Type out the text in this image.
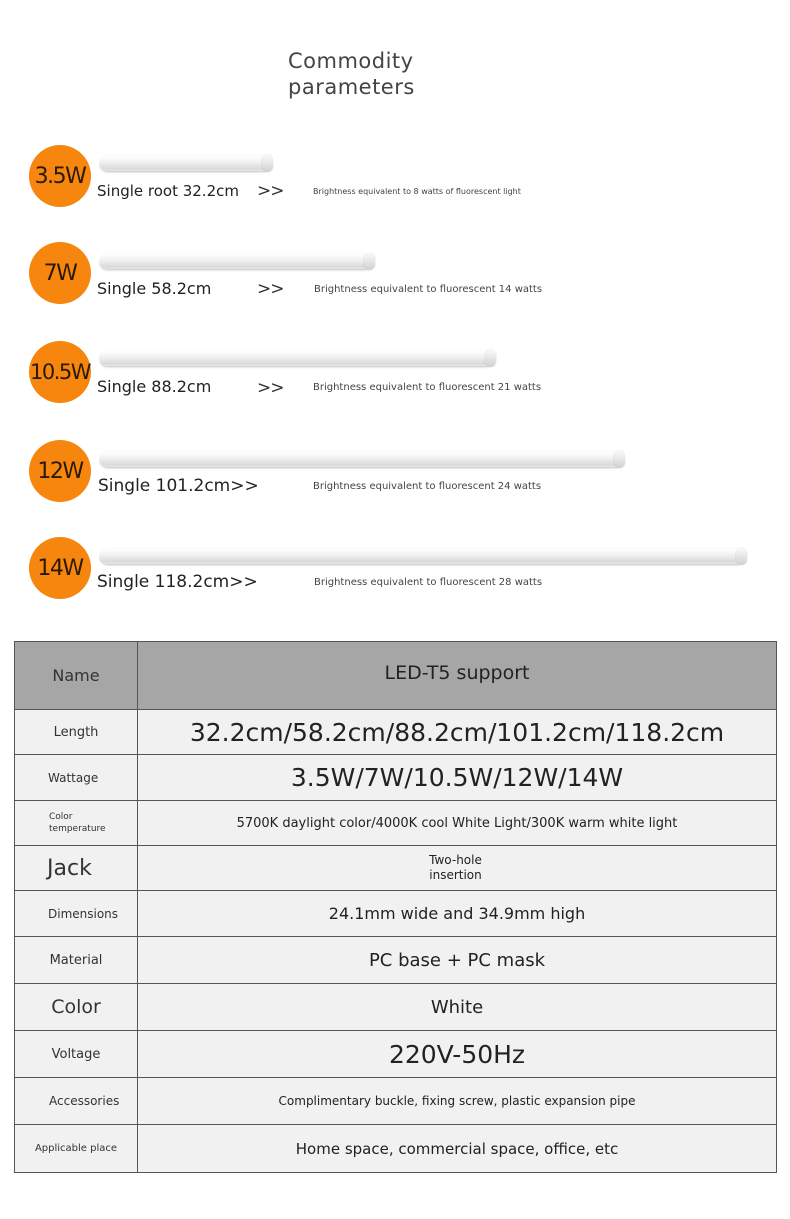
Commodity
parameters
3.5W
Single root 32.2cm >>	Brightness equivalent to 8 watts of fluorescent light
7W
Single 58.2cm	>>	Brightness equivalent to fluorescent 14 watts
10.5W
Single 88.2cm	>>	Brightness equivalent to fluorescent 21 watts
12W
Single 101.2cm>>	Brightness equivalent to fluorescent 24 watts
14W
Single 118.2cm>>	Brightness equivalent to fluorescent 28 watts
Name	LED-T5 support
Length	32.2cm/58.2cm/88.2cm/101.2cm/118.2cm
Wattage	3.5W/7W/10.5W/12W/14W
Color temperature	5700K daylight color/4000K cool White Light/300K warm white light
Jack	Two-hole insertion
Dimensions	24.1mm wide and 34.9mm high
Material	PC base + PC mask
Color	White
Voltage	220V-50Hz
Accessories	Complimentary buckle, fixing screw, plastic expansion pipe
Applicable place	Home space, commercial space, office, etc
